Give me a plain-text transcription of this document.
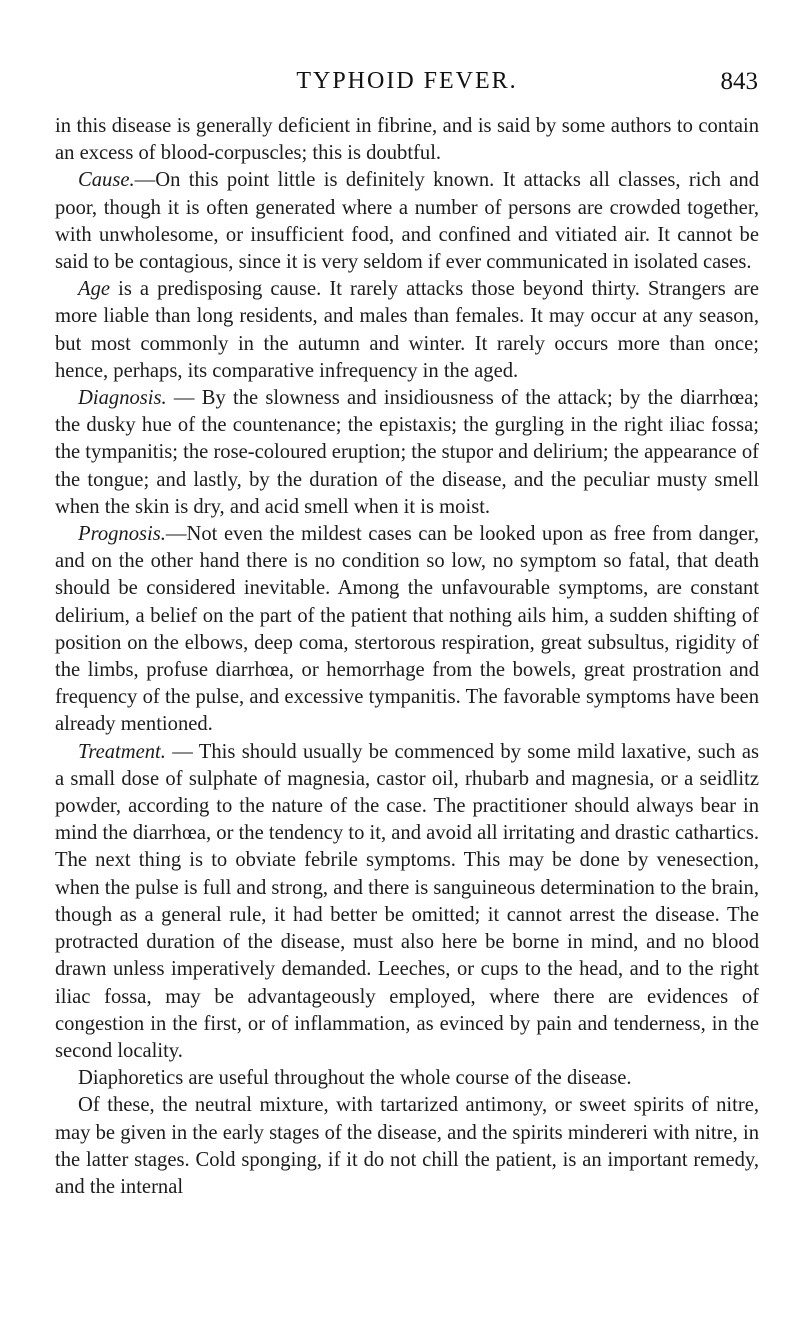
TYPHOID FEVER.	843

in this disease is generally deficient in fibrine, and is said by some authors to contain an excess of blood-corpuscles; this is doubtful.

Cause.—On this point little is definitely known. It attacks all classes, rich and poor, though it is often generated where a number of persons are crowded together, with unwholesome, or insufficient food, and confined and vitiated air. It cannot be said to be contagious, since it is very seldom if ever communicated in isolated cases.

Age is a predisposing cause. It rarely attacks those beyond thirty. Strangers are more liable than long residents, and males than females. It may occur at any season, but most commonly in the autumn and winter. It rarely occurs more than once; hence, perhaps, its comparative infrequency in the aged.

Diagnosis. — By the slowness and insidiousness of the attack; by the diarrhœa; the dusky hue of the countenance; the epistaxis; the gurgling in the right iliac fossa; the tympanitis; the rose-coloured eruption; the stupor and delirium; the appearance of the tongue; and lastly, by the duration of the disease, and the peculiar musty smell when the skin is dry, and acid smell when it is moist.

Prognosis.—Not even the mildest cases can be looked upon as free from danger, and on the other hand there is no condition so low, no symptom so fatal, that death should be considered inevitable. Among the unfavourable symptoms, are constant delirium, a belief on the part of the patient that nothing ails him, a sudden shifting of position on the elbows, deep coma, stertorous respiration, great subsultus, rigidity of the limbs, profuse diarrhœa, or hemorrhage from the bowels, great prostration and frequency of the pulse, and excessive tympanitis. The favorable symptoms have been already mentioned.

Treatment. — This should usually be commenced by some mild laxative, such as a small dose of sulphate of magnesia, castor oil, rhubarb and magnesia, or a seidlitz powder, according to the nature of the case. The practitioner should always bear in mind the diarrhœa, or the tendency to it, and avoid all irritating and drastic cathartics. The next thing is to obviate febrile symptoms. This may be done by venesection, when the pulse is full and strong, and there is sanguineous determination to the brain, though as a general rule, it had better be omitted; it cannot arrest the disease. The protracted duration of the disease, must also here be borne in mind, and no blood drawn unless imperatively demanded. Leeches, or cups to the head, and to the right iliac fossa, may be advantageously employed, where there are evidences of congestion in the first, or of inflammation, as evinced by pain and tenderness, in the second locality.

Diaphoretics are useful throughout the whole course of the disease.

Of these, the neutral mixture, with tartarized antimony, or sweet spirits of nitre, may be given in the early stages of the disease, and the spirits mindereri with nitre, in the latter stages. Cold sponging, if it do not chill the patient, is an important remedy, and the internal
